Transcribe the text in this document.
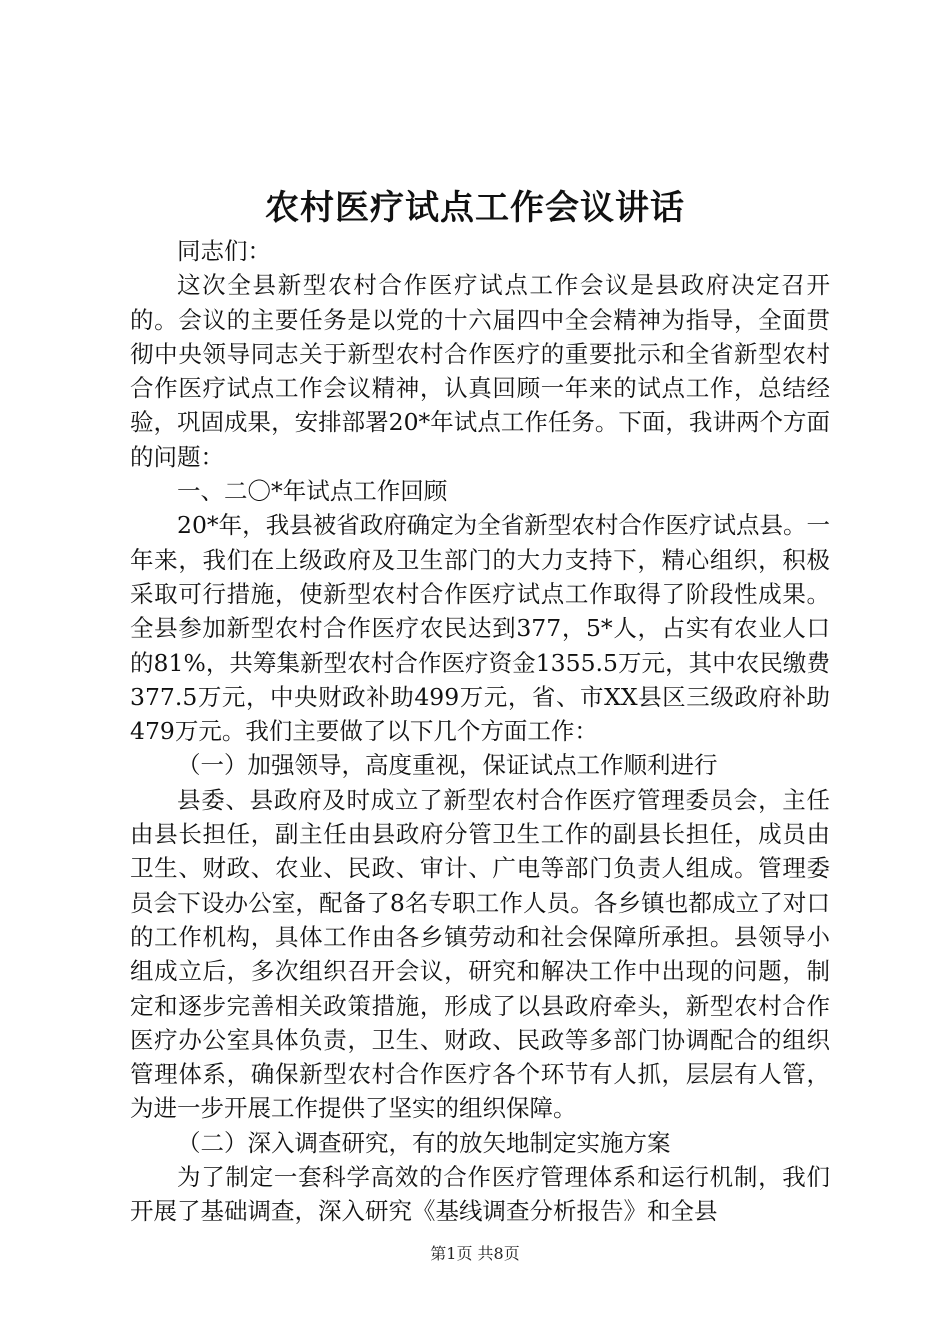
农村医疗试点工作会议讲话

同志们：

这次全县新型农村合作医疗试点工作会议是县政府决定召开的。会议的主要任务是以党的十六届四中全会精神为指导，全面贯彻中央领导同志关于新型农村合作医疗的重要批示和全省新型农村合作医疗试点工作会议精神，认真回顾一年来的试点工作，总结经验，巩固成果，安排部署20*年试点工作任务。下面，我讲两个方面的问题：

一、二〇*年试点工作回顾

20*年，我县被省政府确定为全省新型农村合作医疗试点县。一年来，我们在上级政府及卫生部门的大力支持下，精心组织，积极采取可行措施，使新型农村合作医疗试点工作取得了阶段性成果。全县参加新型农村合作医疗农民达到377，5*人，占实有农业人口的81%，共筹集新型农村合作医疗资金1355.5万元，其中农民缴费377.5万元，中央财政补助499万元，省、市XX县区三级政府补助479万元。我们主要做了以下几个方面工作：

（一）加强领导，高度重视，保证试点工作顺利进行

县委、县政府及时成立了新型农村合作医疗管理委员会，主任由县长担任，副主任由县政府分管卫生工作的副县长担任，成员由卫生、财政、农业、民政、审计、广电等部门负责人组成。管理委员会下设办公室，配备了8名专职工作人员。各乡镇也都成立了对口的工作机构，具体工作由各乡镇劳动和社会保障所承担。县领导小组成立后，多次组织召开会议，研究和解决工作中出现的问题，制定和逐步完善相关政策措施，形成了以县政府牵头，新型农村合作医疗办公室具体负责，卫生、财政、民政等多部门协调配合的组织管理体系，确保新型农村合作医疗各个环节有人抓，层层有人管，为进一步开展工作提供了坚实的组织保障。

（二）深入调查研究，有的放矢地制定实施方案

为了制定一套科学高效的合作医疗管理体系和运行机制，我们开展了基础调查，深入研究《基线调查分析报告》和全县

第1页 共8页
